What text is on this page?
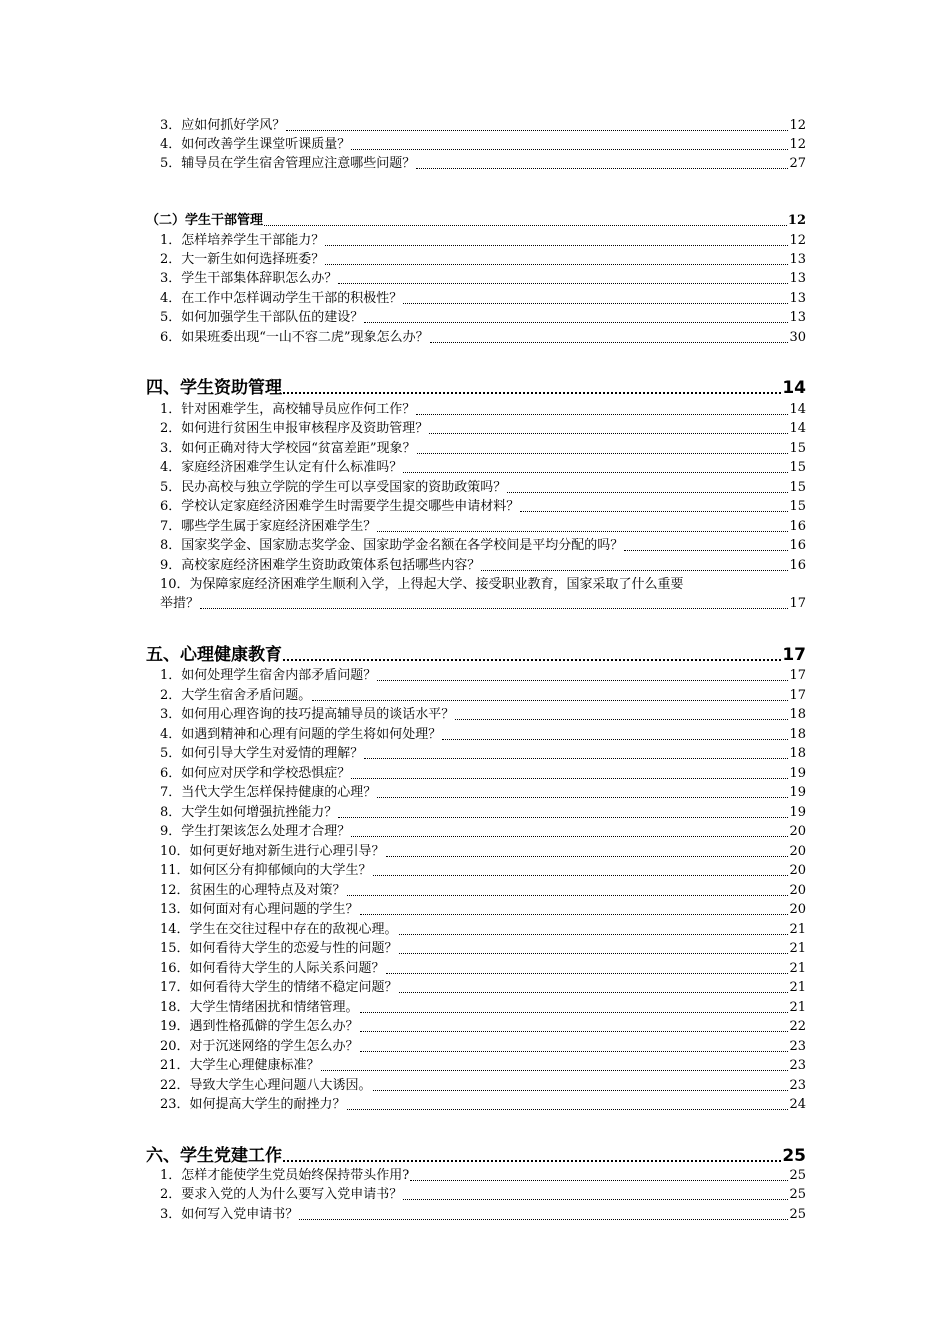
3．应如何抓好学风？	12
4．如何改善学生课堂听课质量？	12
5．辅导员在学生宿舍管理应注意哪些问题？	27
（二）学生干部管理	12
1．怎样培养学生干部能力？	12
2．大一新生如何选择班委？	13
3．学生干部集体辞职怎么办？	13
4．在工作中怎样调动学生干部的积极性？	13
5．如何加强学生干部队伍的建设？	13
6．如果班委出现“一山不容二虎”现象怎么办？	30
四、学生资助管理	14
1．针对困难学生，高校辅导员应作何工作？	14
2．如何进行贫困生申报审核程序及资助管理？	14
3．如何正确对待大学校园“贫富差距”现象？	15
4．家庭经济困难学生认定有什么标准吗？	15
5．民办高校与独立学院的学生可以享受国家的资助政策吗？	15
6．学校认定家庭经济困难学生时需要学生提交哪些申请材料？	15
7．哪些学生属于家庭经济困难学生？	16
8．国家奖学金、国家励志奖学金、国家助学金名额在各学校间是平均分配的吗？	16
9．高校家庭经济困难学生资助政策体系包括哪些内容？	16
10．为保障家庭经济困难学生顺利入学，上得起大学、接受职业教育，国家采取了什么重要
举措？	17
五、心理健康教育	17
1．如何处理学生宿舍内部矛盾问题？	17
2．大学生宿舍矛盾问题。	17
3．如何用心理咨询的技巧提高辅导员的谈话水平？	18
4．如遇到精神和心理有问题的学生将如何处理？	18
5．如何引导大学生对爱情的理解？	18
6．如何应对厌学和学校恐惧症？	19
7．当代大学生怎样保持健康的心理？	19
8．大学生如何增强抗挫能力？	19
9．学生打架该怎么处理才合理？	20
10．如何更好地对新生进行心理引导？	20
11．如何区分有抑郁倾向的大学生？	20
12．贫困生的心理特点及对策？	20
13．如何面对有心理问题的学生？	20
14．学生在交往过程中存在的敌视心理。	21
15．如何看待大学生的恋爱与性的问题？	21
16．如何看待大学生的人际关系问题？	21
17．如何看待大学生的情绪不稳定问题？	21
18．大学生情绪困扰和情绪管理。	21
19．遇到性格孤僻的学生怎么办？	22
20．对于沉迷网络的学生怎么办？	23
21．大学生心理健康标准？	23
22．导致大学生心理问题八大诱因。	23
23．如何提高大学生的耐挫力？	24
六、学生党建工作	25
1．怎样才能使学生党员始终保持带头作用?	25
2．要求入党的人为什么要写入党申请书？	25
3．如何写入党申请书？	25
